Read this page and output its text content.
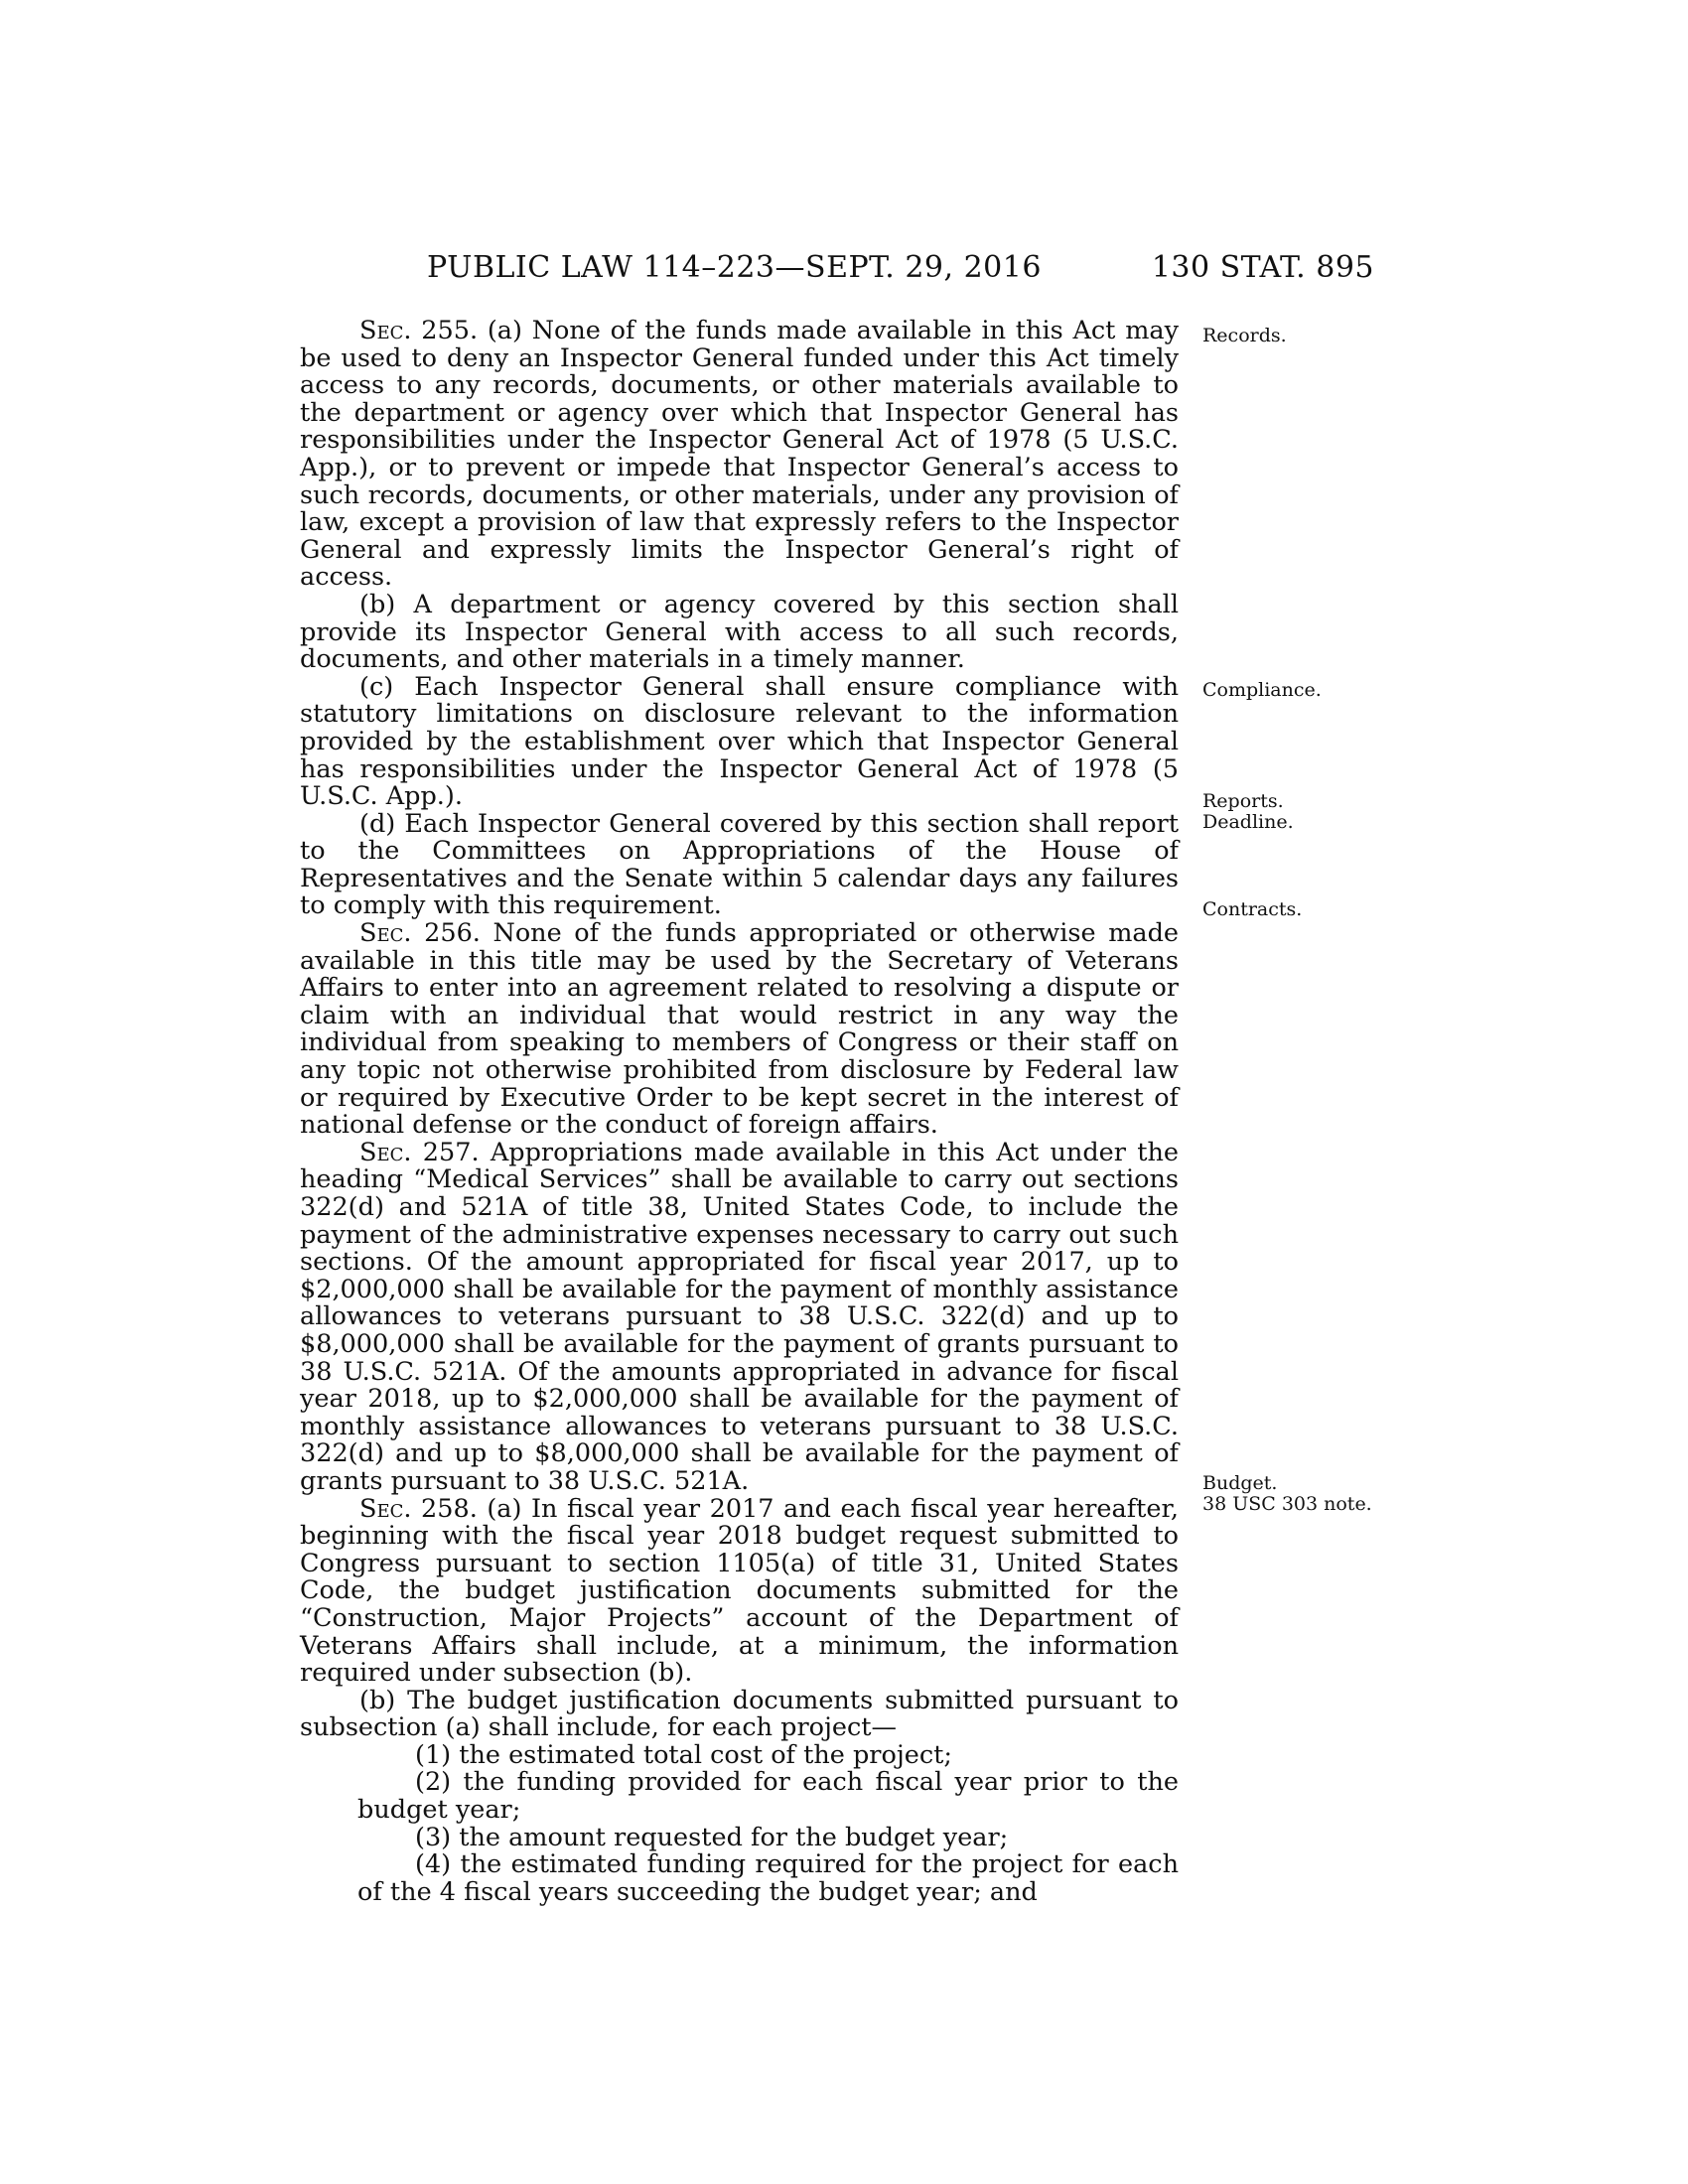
PUBLIC LAW 114–223—SEPT. 29, 2016	130 STAT. 895

Sec. 255. (a) None of the funds made available in this Act may be used to deny an Inspector General funded under this Act timely access to any records, documents, or other materials available to the department or agency over which that Inspector General has responsibilities under the Inspector General Act of 1978 (5 U.S.C. App.), or to prevent or impede that Inspector General’s access to such records, documents, or other materials, under any provision of law, except a provision of law that expressly refers to the Inspector General and expressly limits the Inspector General’s right of access.

(b) A department or agency covered by this section shall provide its Inspector General with access to all such records, documents, and other materials in a timely manner.

(c) Each Inspector General shall ensure compliance with statutory limitations on disclosure relevant to the information provided by the establishment over which that Inspector General has responsibilities under the Inspector General Act of 1978 (5 U.S.C. App.).

(d) Each Inspector General covered by this section shall report to the Committees on Appropriations of the House of Representatives and the Senate within 5 calendar days any failures to comply with this requirement.

Sec. 256. None of the funds appropriated or otherwise made available in this title may be used by the Secretary of Veterans Affairs to enter into an agreement related to resolving a dispute or claim with an individual that would restrict in any way the individual from speaking to members of Congress or their staff on any topic not otherwise prohibited from disclosure by Federal law or required by Executive Order to be kept secret in the interest of national defense or the conduct of foreign affairs.

Sec. 257. Appropriations made available in this Act under the heading “Medical Services” shall be available to carry out sections 322(d) and 521A of title 38, United States Code, to include the payment of the administrative expenses necessary to carry out such sections. Of the amount appropriated for fiscal year 2017, up to $2,000,000 shall be available for the payment of monthly assistance allowances to veterans pursuant to 38 U.S.C. 322(d) and up to $8,000,000 shall be available for the payment of grants pursuant to 38 U.S.C. 521A. Of the amounts appropriated in advance for fiscal year 2018, up to $2,000,000 shall be available for the payment of monthly assistance allowances to veterans pursuant to 38 U.S.C. 322(d) and up to $8,000,000 shall be available for the payment of grants pursuant to 38 U.S.C. 521A.

Sec. 258. (a) In fiscal year 2017 and each fiscal year hereafter, beginning with the fiscal year 2018 budget request submitted to Congress pursuant to section 1105(a) of title 31, United States Code, the budget justification documents submitted for the “Construction, Major Projects” account of the Department of Veterans Affairs shall include, at a minimum, the information required under subsection (b).

(b) The budget justification documents submitted pursuant to subsection (a) shall include, for each project—

(1) the estimated total cost of the project;

(2) the funding provided for each fiscal year prior to the budget year;

(3) the amount requested for the budget year;

(4) the estimated funding required for the project for each of the 4 fiscal years succeeding the budget year; and

Records.
Compliance.
Reports.
Deadline.
Contracts.
Budget.
38 USC 303 note.
